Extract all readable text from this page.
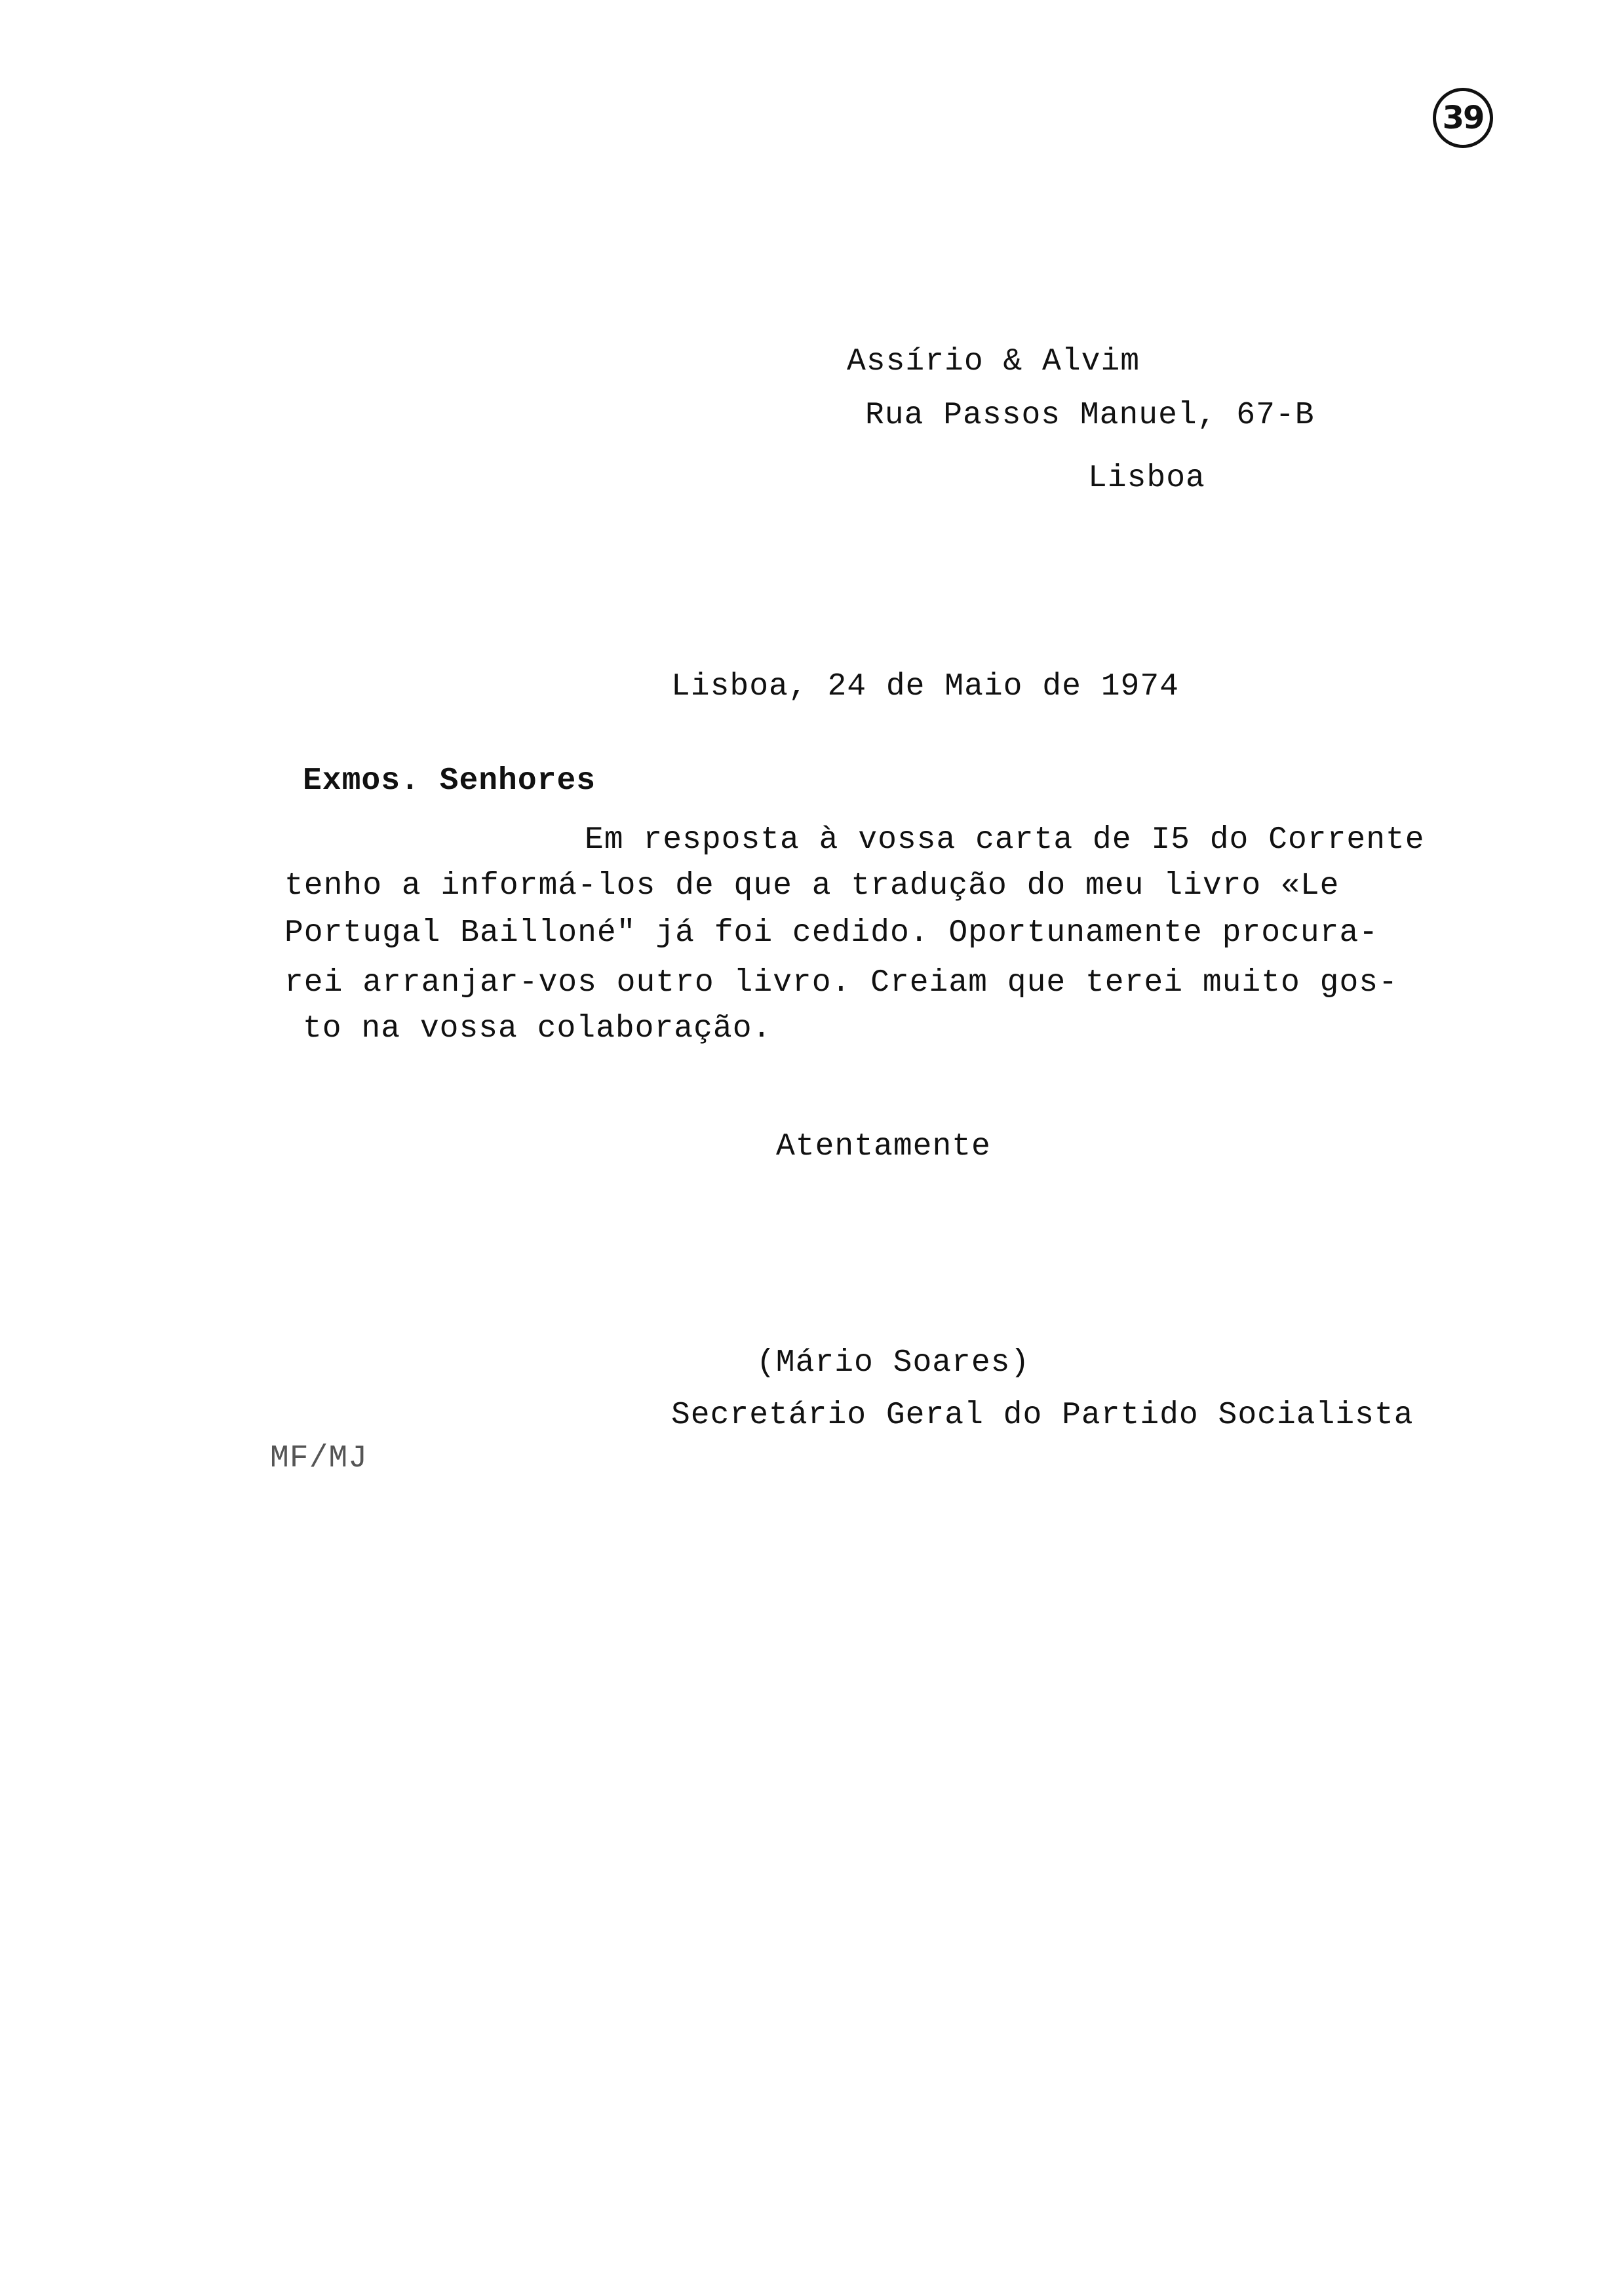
39
Assírio & Alvim
Rua Passos Manuel, 67-B
Lisboa
Lisboa, 24 de Maio de 1974
Exmos. Senhores
Em resposta à vossa carta de I5 do Corrente
tenho a informá-los de que a tradução do meu livro «Le
Portugal Bailloné" já foi cedido. Oportunamente procura-
rei arranjar-vos outro livro. Creiam que terei muito gos-
to na vossa colaboração.
Atentamente
(Mário Soares)
Secretário Geral do Partido Socialista
MF/MJ
